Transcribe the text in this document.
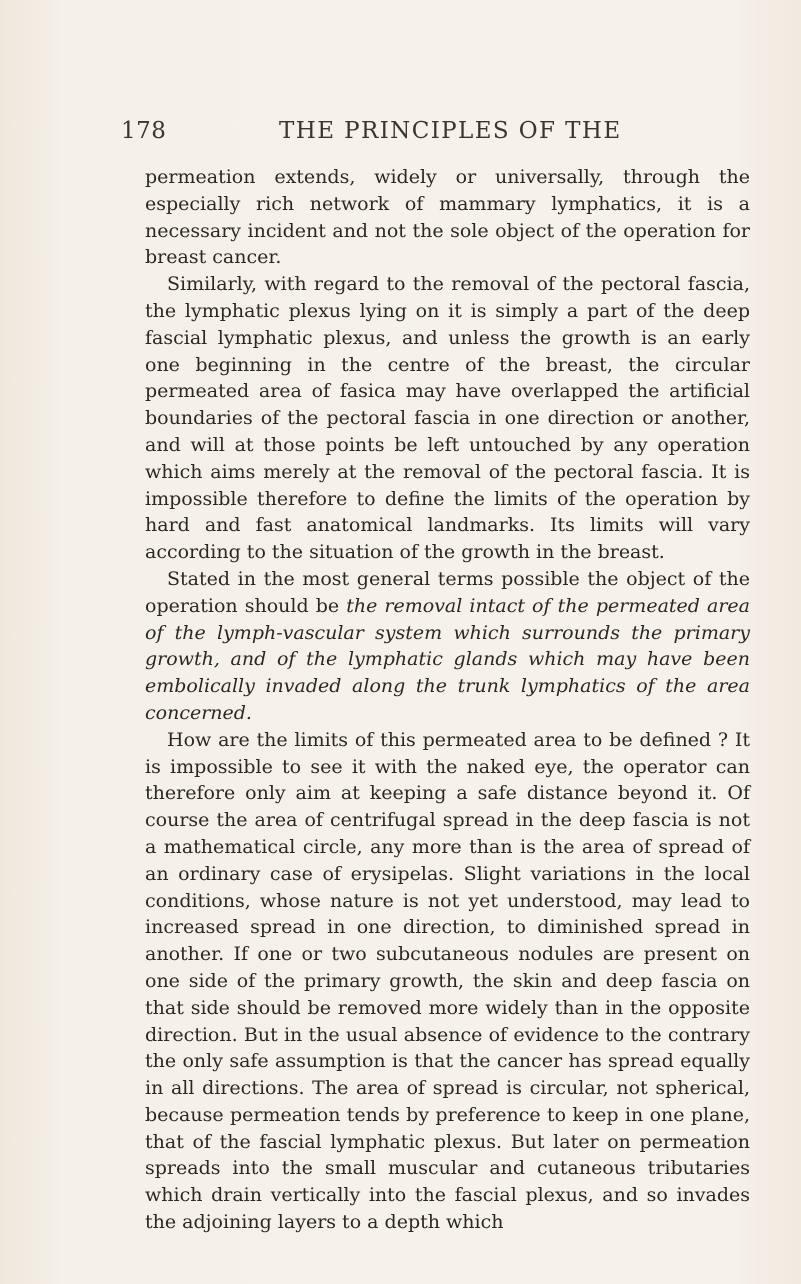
178	THE PRINCIPLES OF THE

permeation extends, widely or universally, through the especially rich network of mammary lymphatics, it is a necessary incident and not the sole object of the operation for breast cancer.

Similarly, with regard to the removal of the pectoral fascia, the lymphatic plexus lying on it is simply a part of the deep fascial lymphatic plexus, and unless the growth is an early one beginning in the centre of the breast, the circular permeated area of fasica may have overlapped the artificial boundaries of the pectoral fascia in one direction or another, and will at those points be left untouched by any operation which aims merely at the removal of the pectoral fascia. It is impossible therefore to define the limits of the operation by hard and fast anatomical landmarks. Its limits will vary according to the situation of the growth in the breast.

Stated in the most general terms possible the object of the operation should be the removal intact of the permeated area of the lymph-vascular system which surrounds the primary growth, and of the lymphatic glands which may have been embolically invaded along the trunk lymphatics of the area concerned.

How are the limits of this permeated area to be defined ? It is impossible to see it with the naked eye, the operator can therefore only aim at keeping a safe distance beyond it. Of course the area of centrifugal spread in the deep fascia is not a mathematical circle, any more than is the area of spread of an ordinary case of erysipelas. Slight variations in the local conditions, whose nature is not yet understood, may lead to increased spread in one direction, to diminished spread in another. If one or two subcutaneous nodules are present on one side of the primary growth, the skin and deep fascia on that side should be removed more widely than in the opposite direction. But in the usual absence of evidence to the contrary the only safe assumption is that the cancer has spread equally in all directions. The area of spread is circular, not spherical, because permeation tends by preference to keep in one plane, that of the fascial lymphatic plexus. But later on permeation spreads into the small muscular and cutaneous tributaries which drain vertically into the fascial plexus, and so invades the adjoining layers to a depth which
